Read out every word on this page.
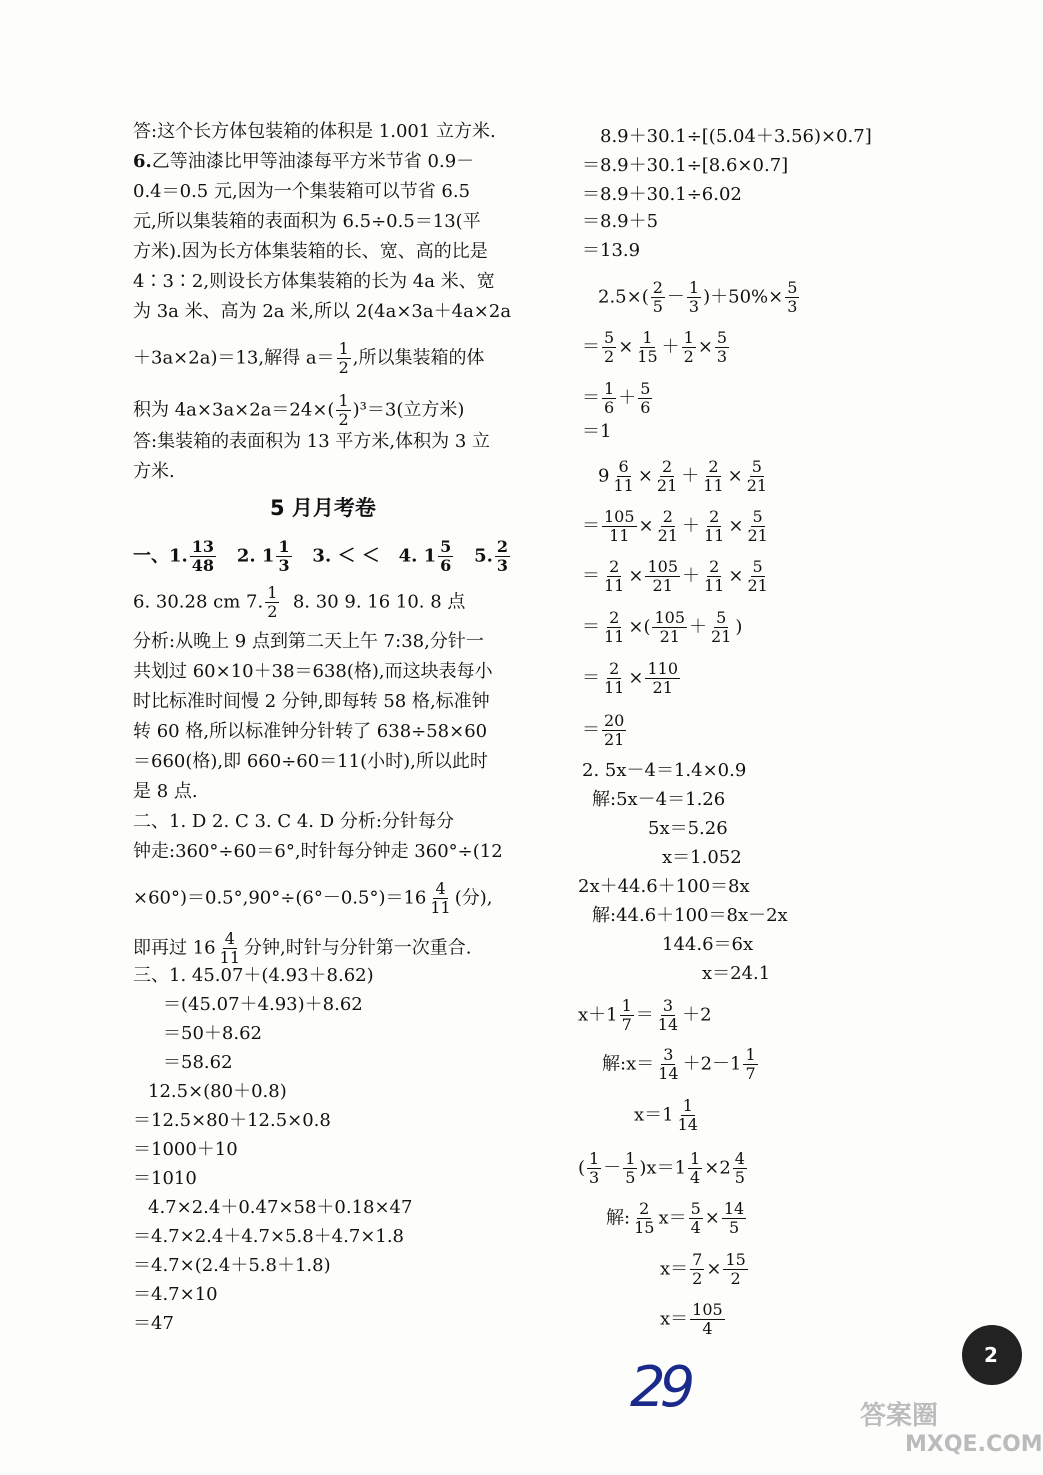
答:这个长方体包装箱的体积是 1.001 立方米.
6.乙等油漆比甲等油漆每平方米节省 0.9－
0.4＝0.5 元,因为一个集装箱可以节省 6.5
元,所以集装箱的表面积为 6.5÷0.5＝13(平
方米).因为长方体集装箱的长、宽、高的比是
4∶3∶2,则设长方体集装箱的长为 4a 米、宽
为 3a 米、高为 2a 米,所以 2(4a×3a＋4a×2a
＋3a×2a)＝13,解得 $a= \frac{1}{2}$ ,所以集装箱的体
积为 $4a\times 3a\times 2a=24\times( \frac{1}{2} )^3=3$(立方米)
答:集装箱的表面积为 13 平方米,体积为 3 立
方米.
5 月月考卷
一、1. $\frac{13}{48} 2$. $1 \frac{1}{3} 3$. ＜ ＜ 4. $1 \frac{5}{6} 5$. $\frac{2}{3}$
6. 30.28 cm 7. $\frac{1}{2} 8$. 30 9. 16 10. 8 点
分析:从晚上 9 点到第二天上午 7:38,分针一
共划过 60×10＋38＝638(格),而这块表每小
时比标准时间慢 2 分钟,即每转 58 格,标准钟
转 60 格,所以标准钟分针转了 638÷58×60
＝660(格),即 660÷60＝11(小时),所以此时
是 8 点.
二、1. D 2. C 3. C 4. D 分析:分针每分
钟走:360°÷60＝6°,时针每分钟走 360°÷(12
$\times 60^\circ)=0.5^\circ,90^\circ\div(6^\circ-0.5^\circ)=16 \frac{4}{11}$ (分),
即再过 $16 \frac{4}{11}$ 分钟,时针与分针第一次重合.
三、1. 45.07＋(4.93＋8.62)
＝(45.07＋4.93)＋8.62
＝50＋8.62
＝58.62
12.5×(80＋0.8)
＝12.5×80＋12.5×0.8
＝1000＋10
＝1010
4.7×2.4＋0.47×58＋0.18×47
＝4.7×2.4＋4.7×5.8＋4.7×1.8
＝4.7×(2.4＋5.8＋1.8)
＝4.7×10
＝47
8.9＋30.1÷[(5.04＋3.56)×0.7]
＝8.9＋30.1÷[8.6×0.7]
＝8.9＋30.1÷6.02
＝8.9＋5
＝13.9
$2.5\times( \frac{2}{5} - \frac{1}{3} )+50\%\times \frac{5}{3}$
＝ $\frac{5}{2} \times \frac{1}{15} + \frac{1}{2} \times \frac{5}{3}$
＝ $\frac{1}{6} + \frac{5}{6}$
＝1
$9 \frac{6}{11} \times \frac{2}{21} + \frac{2}{11} \times \frac{5}{21}$
＝ $\frac{105}{11} \times \frac{2}{21} + \frac{2}{11} \times \frac{5}{21}$
＝ $\frac{2}{11} \times \frac{105}{21} + \frac{2}{11} \times \frac{5}{21}$
＝ $\frac{2}{11}$ ×( $\frac{105}{21} + \frac{5}{21}$ )
＝ $\frac{2}{11} \times \frac{110}{21}$
＝ $\frac{20}{21}$
2. 5x－4＝1.4×0.9
解:5x－4＝1.26
5x＝5.26
x＝1.052
2x＋44.6＋100＝8x
解:44.6＋100＝8x－2x
144.6＝6x
x＝24.1
$x+1 \frac{1}{7} = \frac{3}{14} +2$
解:x＝ $\frac{3}{14} +2-1 \frac{1}{7}$
$x=1 \frac{1}{14}$
( $\frac{1}{3} - \frac{1}{5} )x=1 \frac{1}{4} \times 2 \frac{4}{5}$
解: $\frac{2}{15} x= \frac{5}{4} \times \frac{14}{5}$
$x= \frac{7}{2} \times \frac{15}{2}$
$x= \frac{105}{4}$
29	2
答案圈
MXQE.COM
